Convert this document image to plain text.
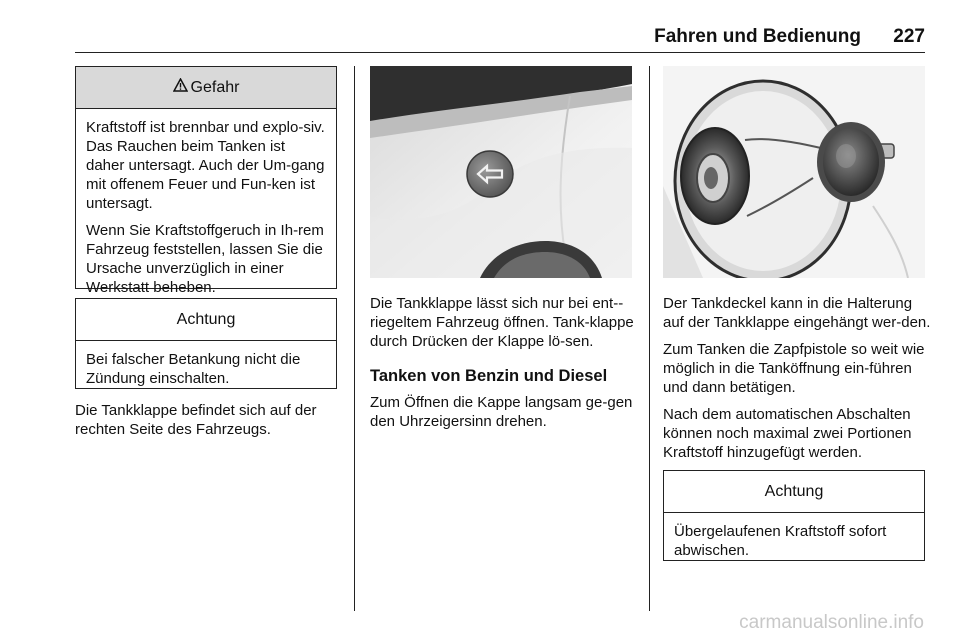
Fahren und Bedienung 227
Gefahr

Kraftstoff ist brennbar und explo-siv. Das Rauchen beim Tanken ist daher untersagt. Auch der Um-gang mit offenem Feuer und Fun-ken ist untersagt.

Wenn Sie Kraftstoffgeruch in Ih-rem Fahrzeug feststellen, lassen Sie die Ursache unverzüglich in einer Werkstatt beheben.

Achtung

Bei falscher Betankung nicht die Zündung einschalten.

Die Tankklappe befindet sich auf der rechten Seite des Fahrzeugs.

Die Tankklappe lässt sich nur bei ent-riegeltem Fahrzeug öffnen. Tank-klappe durch Drücken der Klappe lö-sen.

Tanken von Benzin und Diesel

Zum Öffnen die Kappe langsam ge-gen den Uhrzeigersinn drehen.

Der Tankdeckel kann in die Halterung auf der Tankklappe eingehängt wer-den.

Zum Tanken die Zapfpistole so weit wie möglich in die Tanköffnung ein-führen und dann betätigen.

Nach dem automatischen Abschalten können noch maximal zwei Portionen Kraftstoff hinzugefügt werden.

Achtung

Übergelaufenen Kraftstoff sofort abwischen.

carmanualsonline.info
